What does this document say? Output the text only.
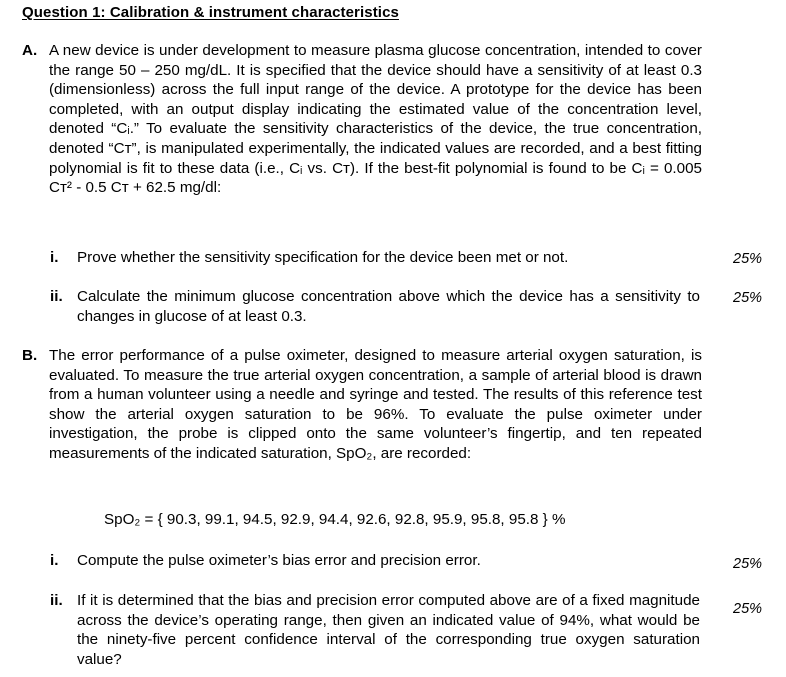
Question 1: Calibration & instrument characteristics
A. A new device is under development to measure plasma glucose concentration, intended to cover the range 50 – 250 mg/dL. It is specified that the device should have a sensitivity of at least 0.3 (dimensionless) across the full input range of the device. A prototype for the device has been completed, with an output display indicating the estimated value of the concentration level, denoted “Cᵢ.” To evaluate the sensitivity characteristics of the device, the true concentration, denoted “Cᴛ”, is manipulated experimentally, the indicated values are recorded, and a best fitting polynomial is fit to these data (i.e., Cᵢ vs. Cᴛ). If the best-fit polynomial is found to be Cᵢ = 0.005 Cᴛ² - 0.5 Cᴛ + 62.5 mg/dl:
i. Prove whether the sensitivity specification for the device been met or not.	25%
ii. Calculate the minimum glucose concentration above which the device has a sensitivity to changes in glucose of at least 0.3.
25%
B. The error performance of a pulse oximeter, designed to measure arterial oxygen saturation, is evaluated. To measure the true arterial oxygen concentration, a sample of arterial blood is drawn from a human volunteer using a needle and syringe and tested. The results of this reference test show the arterial oxygen saturation to be 96%. To evaluate the pulse oximeter under investigation, the probe is clipped onto the same volunteer’s fingertip, and ten repeated measurements of the indicated saturation, SpO₂, are recorded:
SpO₂ = { 90.3, 99.1, 94.5, 92.9, 94.4, 92.6, 92.8, 95.9, 95.8, 95.8 } %
i. Compute the pulse oximeter’s bias error and precision error.	25%
ii. If it is determined that the bias and precision error computed above are of a fixed magnitude across the device’s operating range, then given an indicated value of 94%, what would be the ninety-five percent confidence interval of the corresponding true oxygen saturation value?
25%
